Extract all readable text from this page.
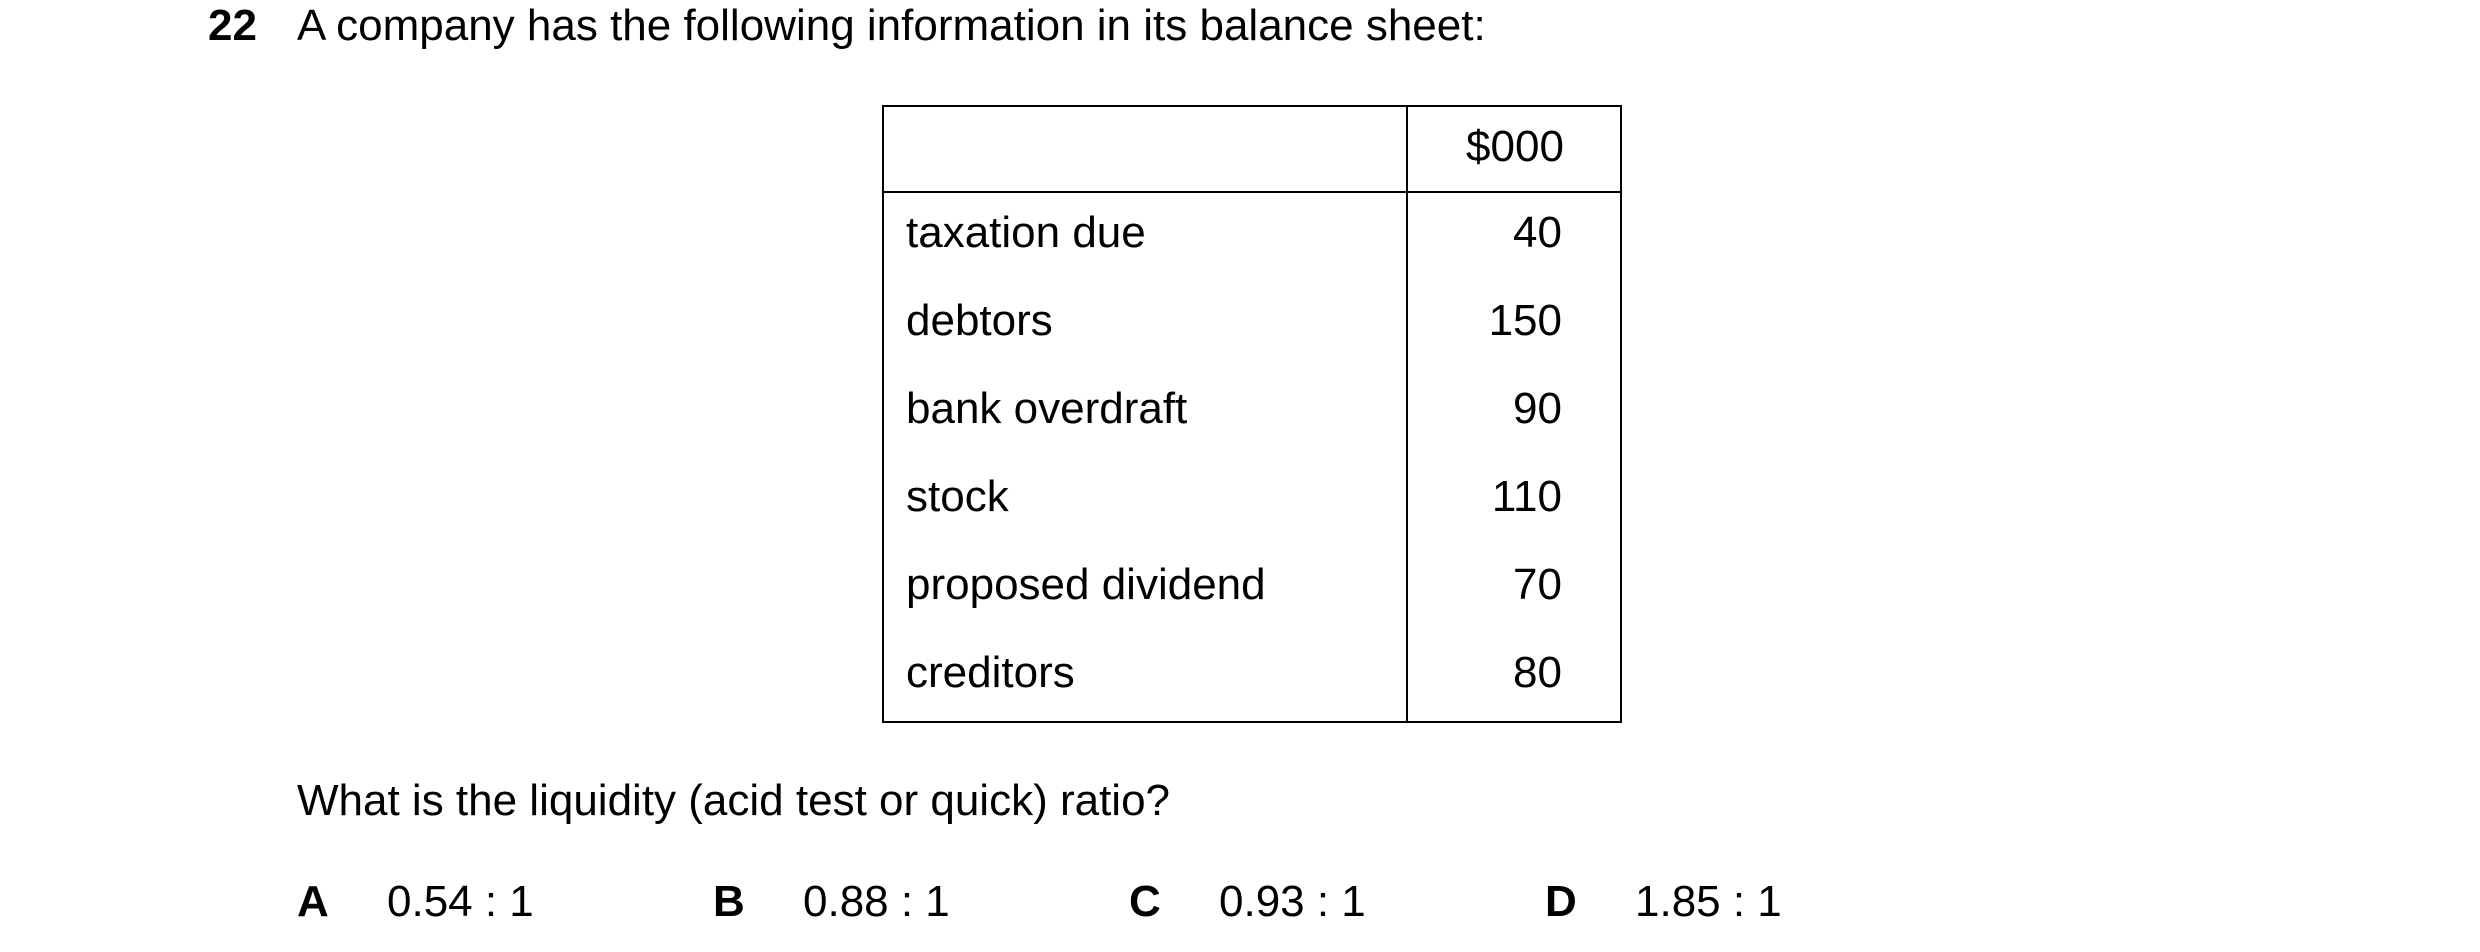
22 A company has the following information in its balance sheet:
$000
taxation due	40
debtors	150
bank overdraft	90
stock	110
proposed dividend	70
creditors	80
What is the liquidity (acid test or quick) ratio?
A 0.54 : 1	B 0.88 : 1	C 0.93 : 1	D 1.85 : 1
